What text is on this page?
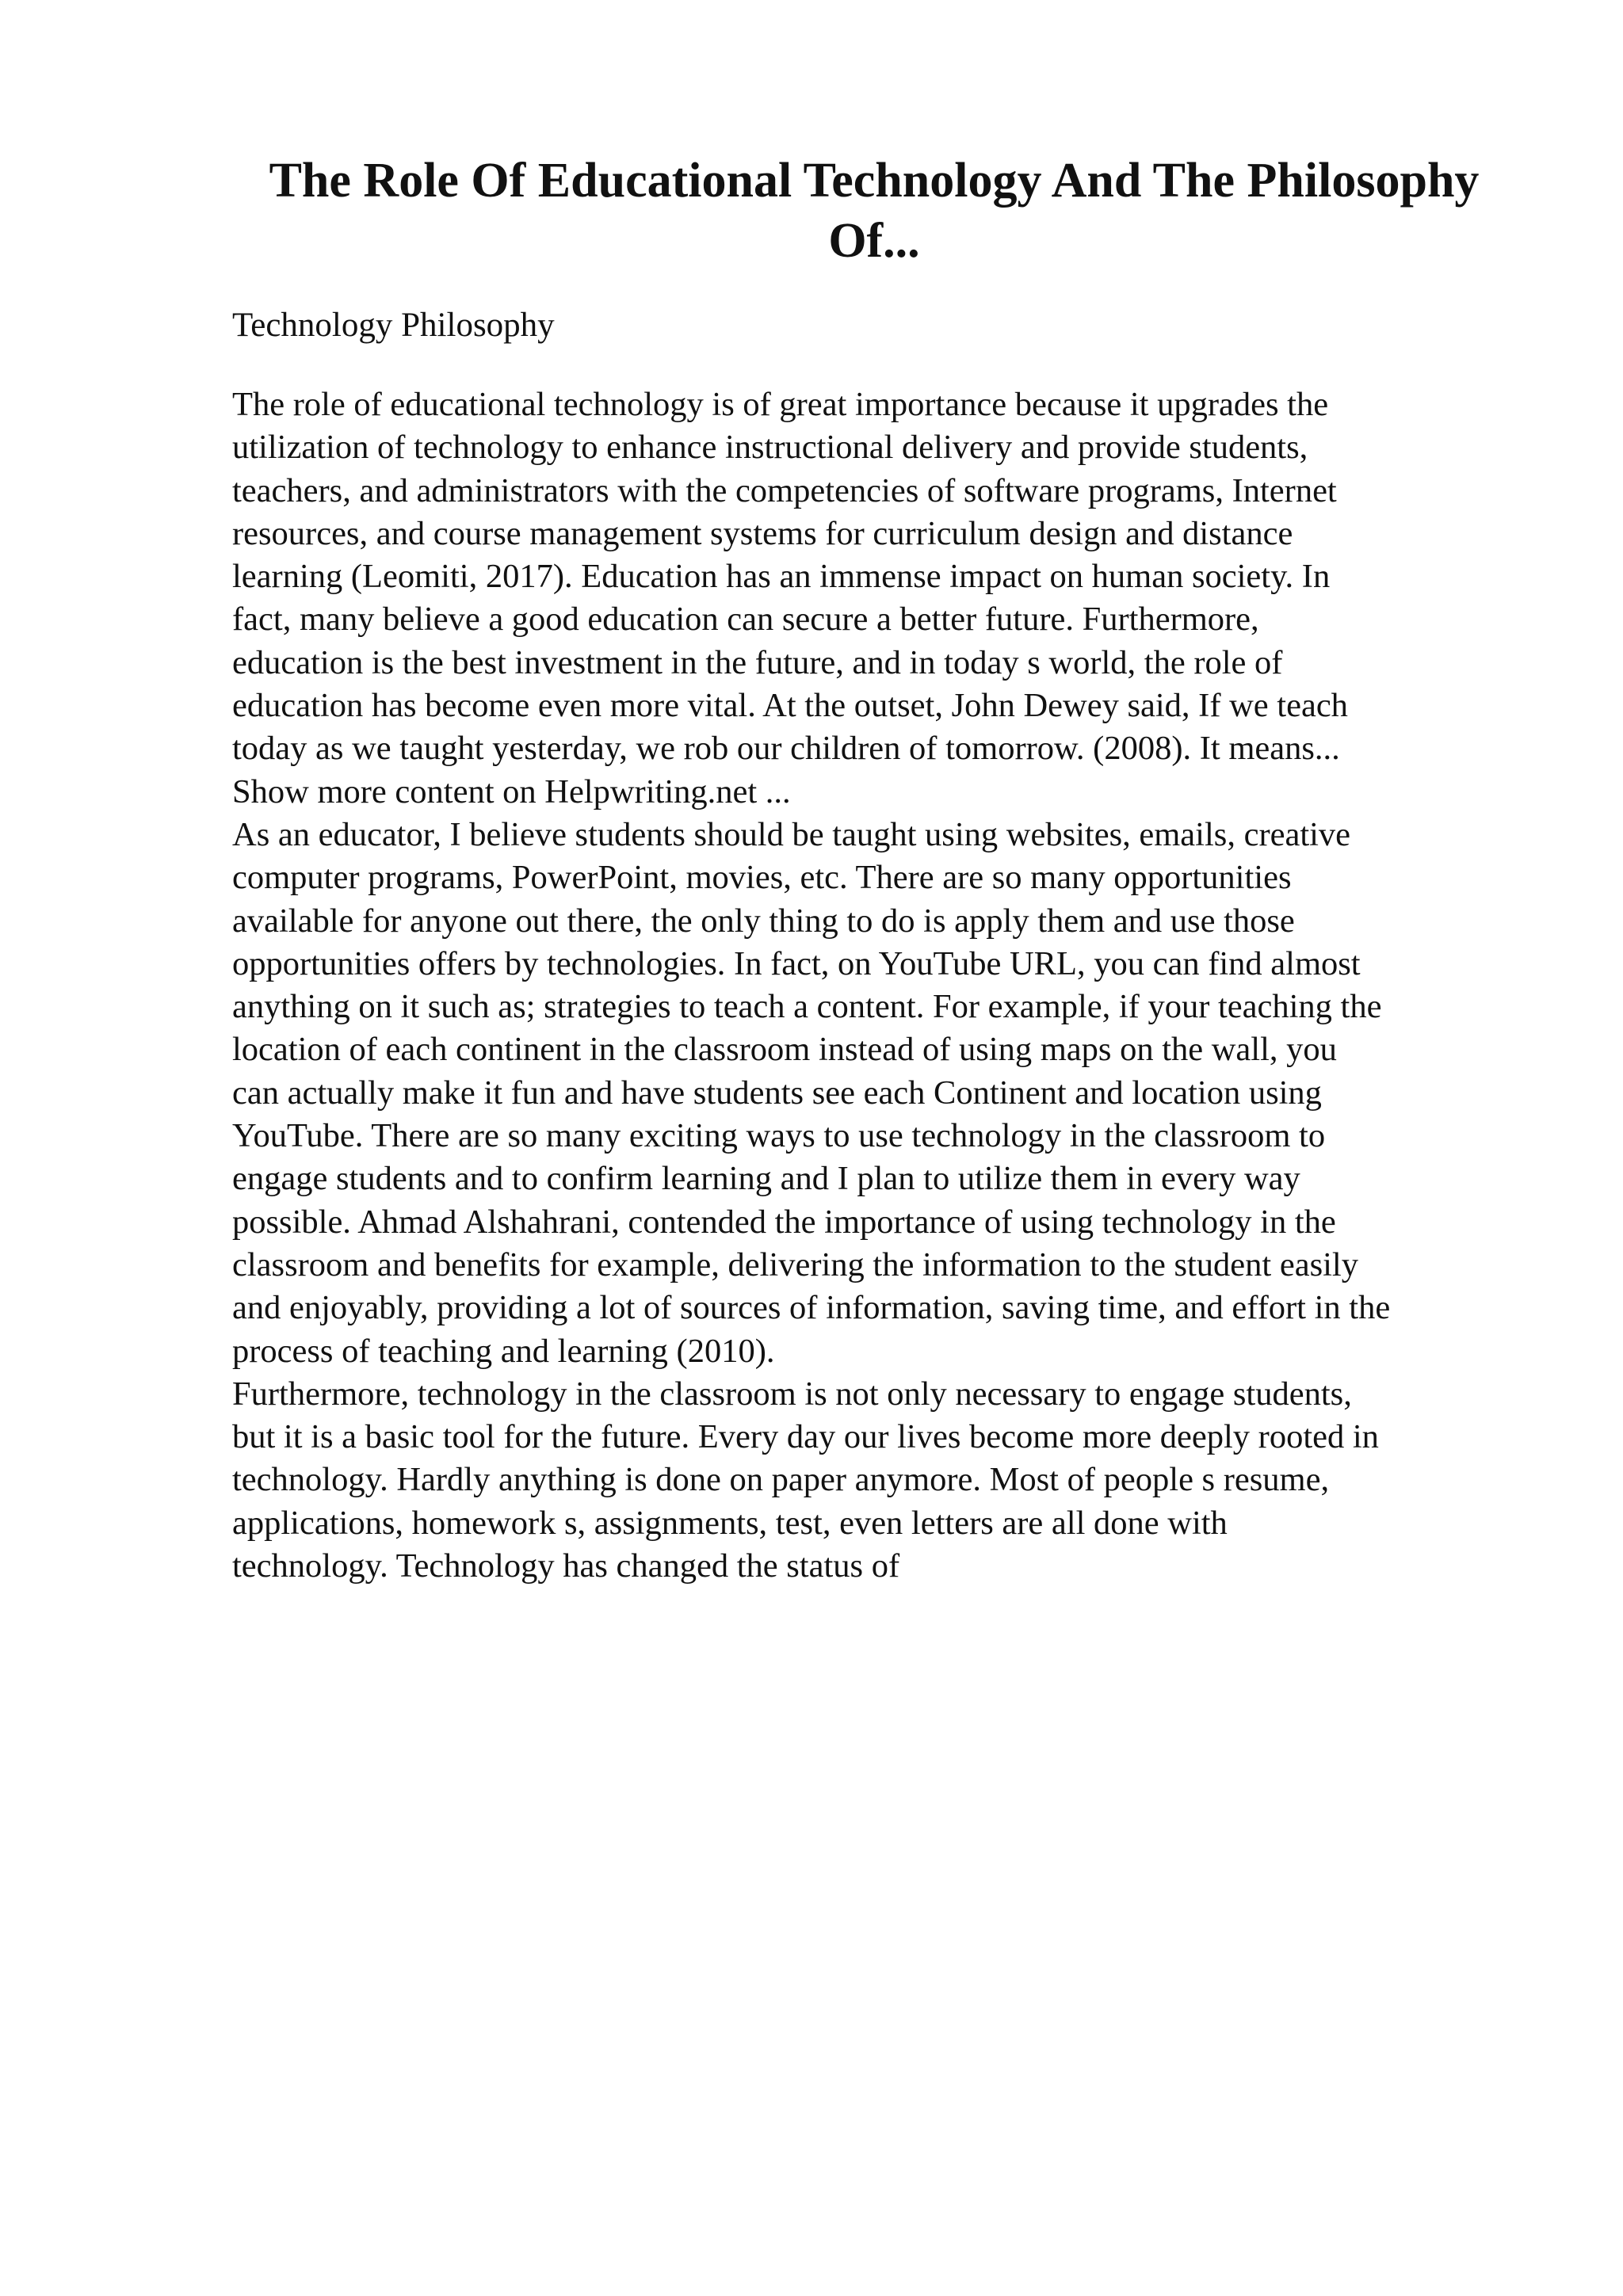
The Role Of Educational Technology And The Philosophy Of...

Technology Philosophy

The role of educational technology is of great importance because it upgrades the
utilization of technology to enhance instructional delivery and provide students,
teachers, and administrators with the competencies of software programs, Internet
resources, and course management systems for curriculum design and distance
learning (Leomiti, 2017). Education has an immense impact on human society. In
fact, many believe a good education can secure a better future. Furthermore,
education is the best investment in the future, and in today s world, the role of
education has become even more vital. At the outset, John Dewey said, If we teach
today as we taught yesterday, we rob our children of tomorrow. (2008). It means...

Show more content on Helpwriting.net ...

As an educator, I believe students should be taught using websites, emails, creative
computer programs, PowerPoint, movies, etc. There are so many opportunities
available for anyone out there, the only thing to do is apply them and use those
opportunities offers by technologies. In fact, on YouTube URL, you can find almost
anything on it such as; strategies to teach a content. For example, if your teaching the
location of each continent in the classroom instead of using maps on the wall, you
can actually make it fun and have students see each Continent and location using
YouTube. There are so many exciting ways to use technology in the classroom to
engage students and to confirm learning and I plan to utilize them in every way
possible. Ahmad Alshahrani, contended the importance of using technology in the
classroom and benefits for example, delivering the information to the student easily
and enjoyably, providing a lot of sources of information, saving time, and effort in the
process of teaching and learning (2010).

Furthermore, technology in the classroom is not only necessary to engage students,
but it is a basic tool for the future. Every day our lives become more deeply rooted in
technology. Hardly anything is done on paper anymore. Most of people s resume,
applications, homework s, assignments, test, even letters are all done with
technology. Technology has changed the status of
